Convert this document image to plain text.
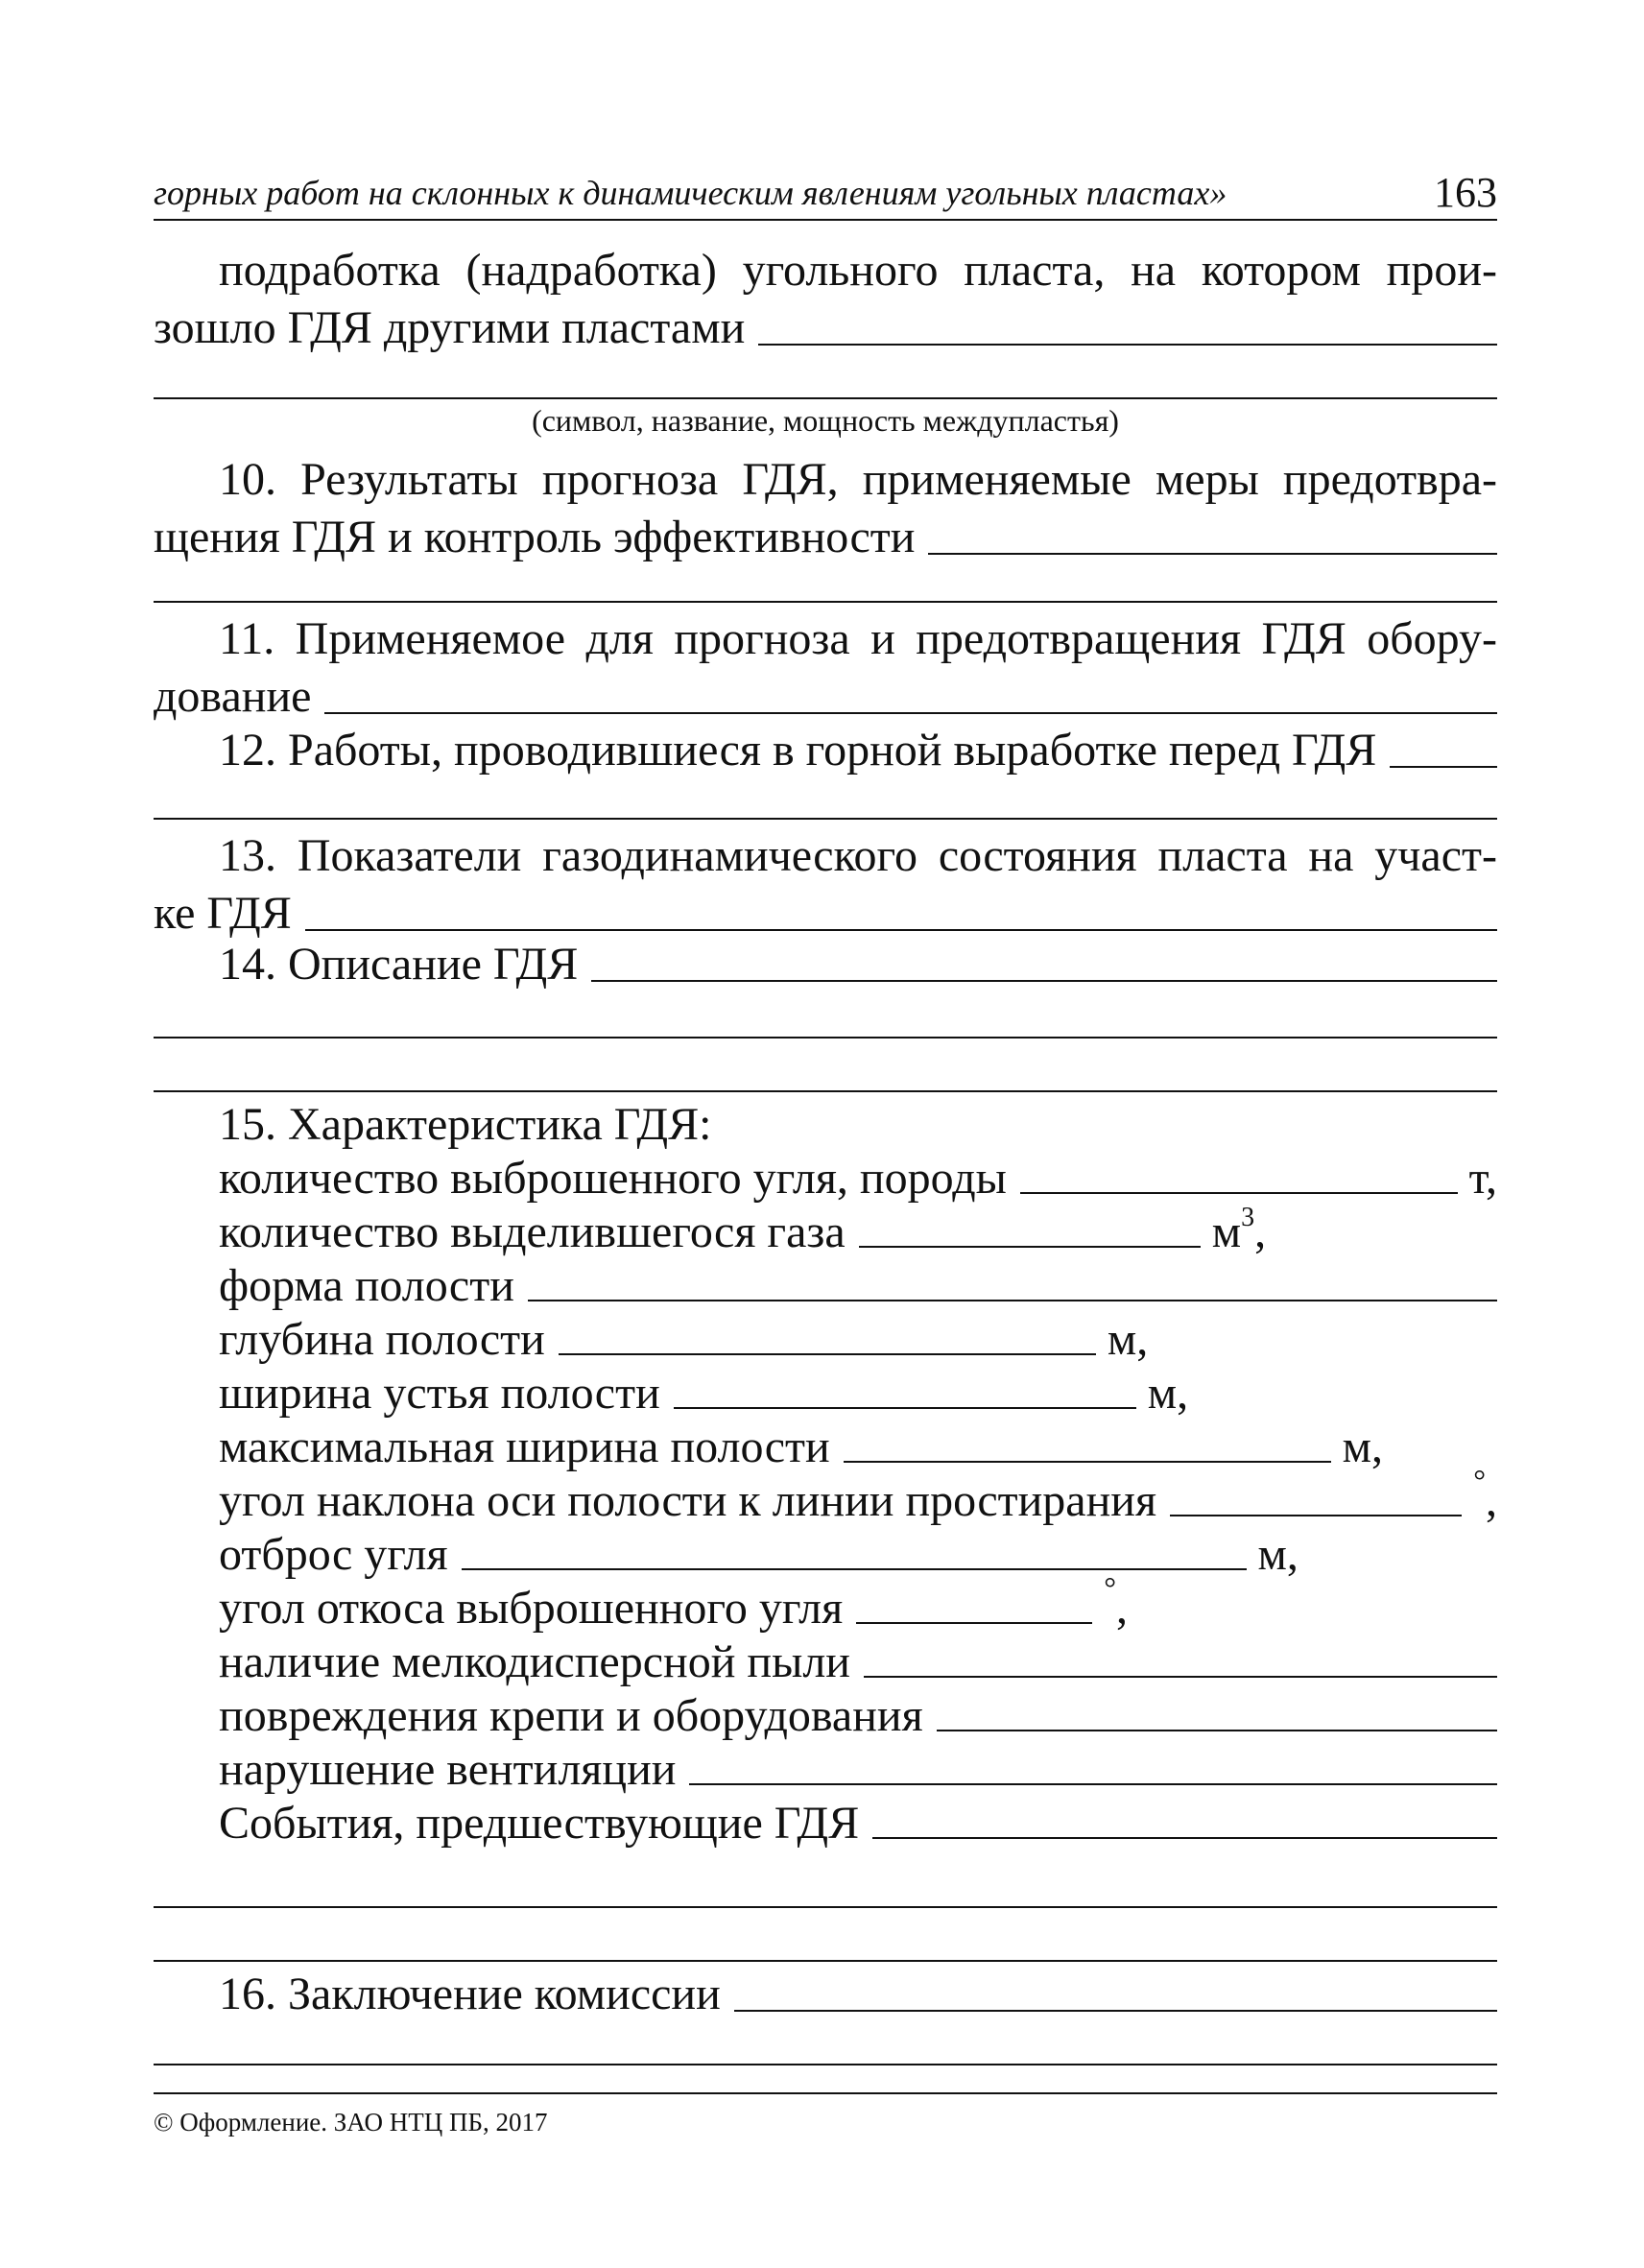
горных работ на склонных к динамическим явлениям угольных пластах»	163
подработка (надработка) угольного пласта, на котором прои-
зошло ГДЯ другими пластами
(символ, название, мощность междупластья)
10. Результаты прогноза ГДЯ, применяемые меры предотвра-
щения ГДЯ и контроль эффективности
11. Применяемое для прогноза и предотвращения ГДЯ обору-
дование
12. Работы, проводившиеся в горной выработке перед ГДЯ
13. Показатели газодинамического состояния пласта на участ-
ке ГДЯ
14. Описание ГДЯ
15. Характеристика ГДЯ:
количество выброшенного угля, породы	т,
количество выделившегося газа	$м^3$,
форма полости
глубина полости	м,
ширина устья полости	м,
максимальная ширина полости	м,
угол наклона оси полости к линии простирания	°,
отброс угля	м,
угол откоса выброшенного угля	°,
наличие мелкодисперсной пыли
повреждения крепи и оборудования
нарушение вентиляции
События, предшествующие ГДЯ
16. Заключение комиссии
© Оформление. ЗАО НТЦ ПБ, 2017
